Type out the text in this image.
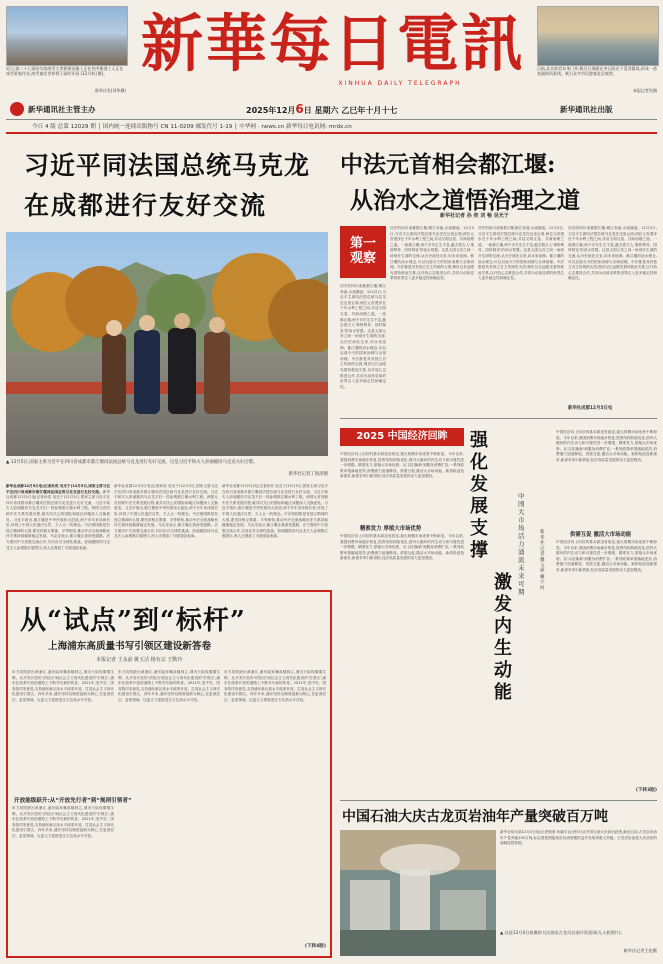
近日,第二十七届哈尔滨冰雪大世界建设施工正在有序推进工人正在冰雪景观作业,冰雪童话世界将于届时开园 (12月4日摄)。
新华社发(刘华摄)
目前,北京故宫东华门外,数百只海鸥在冬日阳光下觅食嬉戏,形成一道亮丽的风景线。吸引众多市民游客驻足观赏。
本报记者发摄
新華每日電訊
XINHUA DAILY TELEGRAPH
新华通讯社主管主办	2025年12月6日 星期六 乙巳年十月十七	新华通讯社出版
今日 4 版 总第 12029 期 │ 国内统一连续出版物号 CN 11-0209 邮发代号 1-19 │ 中华网 · news.cn 新华每日电讯网: mrdx.cn
习近平同法国总统马克龙
在成都进行友好交流
▲ 12月5日,国家主席习近平在四川省成都市都江堰同法国总统马克龙进行友好交流。这是习近平和夫人彭丽媛同马克龙夫妇合影。
新华社记者丁海涛摄
新华社成都12月5日电(记者孙奕 吴光于)12月5日,国家主席习近平在四川省成都市都江堰同法国总统马克龙进行友好交流。新华社成都12月5日电(记者孙奕 吴光于)12月5日,国家主席习近平在四川省成都市都江堰同法国总统马克龙进行友好交流。习近平和夫人彭丽媛同马克龙夫妇一同参观都江堰水利工程。两国元首回顾中法关系发展历程,就共同关心的国际和地区问题深入交换意见。习近平指出,都江堰是中华民族伟大创造,两千多年来泽被后世,体现了中国人民道法自然、天人合一的理念。中法两国都是有独立精神的大国,要坚持相互尊重、平等相待,推动中法全面战略伙伴关系持续健康稳定发展。马克龙表示,都江堰让我深受震撼。法方愿同中方加强交流合作,共同应对全球性挑战。彭丽媛陪同马克龙夫人参观都江堰景区,两人还观看了川剧变脸表演。
新华社成都12月5日电(记者孙奕 吴光于)12月5日,国家主席习近平在四川省成都市都江堰同法国总统马克龙进行友好交流。习近平和夫人彭丽媛同马克龙夫妇一同参观都江堰水利工程。两国元首回顾中法关系发展历程,就共同关心的国际和地区问题深入交换意见。习近平指出,都江堰是中华民族伟大创造,两千多年来泽被后世,体现了中国人民道法自然、天人合一的理念。中法两国都是有独立精神的大国,要坚持相互尊重、平等相待,推动中法全面战略伙伴关系持续健康稳定发展。马克龙表示,都江堰让我深受震撼。法方愿同中方加强交流合作,共同应对全球性挑战。彭丽媛陪同马克龙夫人参观都江堰景区,两人还观看了川剧变脸表演。
新华社成都12月5日电(记者孙奕 吴光于)12月5日,国家主席习近平在四川省成都市都江堰同法国总统马克龙进行友好交流。习近平和夫人彭丽媛同马克龙夫妇一同参观都江堰水利工程。两国元首回顾中法关系发展历程,就共同关心的国际和地区问题深入交换意见。习近平指出,都江堰是中华民族伟大创造,两千多年来泽被后世,体现了中国人民道法自然、天人合一的理念。中法两国都是有独立精神的大国,要坚持相互尊重、平等相待,推动中法全面战略伙伴关系持续健康稳定发展。马克龙表示,都江堰让我深受震撼。法方愿同中方加强交流合作,共同应对全球性挑战。彭丽媛陪同马克龙夫人参观都江堰景区,两人还观看了川剧变脸表演。
中法元首相会都江堰:
从治水之道悟治理之道
新华社记者 孙 奕 刘 畅 吴光于
第一观察
初冬的四川成都都江堰,岷江奔流,水流潺湲。12月5日,习近平主席同法国总统马克龙在这里会面,两位元首漫步在千年水利工程之间,共话文明互鉴、共商治理之道。一座都江堰,两千多年生生不息,蕴含着古人'乘势利导、因时制宜'的治水智慧。这是大国元首之间一场别开生面的交流,从历史深处走来,向未来延伸。都江堰的治水理念,可以启迪今天的国家治理与全球治理。中法都是具有独立自主传统的大国,理应以长远眼光看待彼此关系,以开放心态推进合作,共同为动荡变革的世界注入更多稳定性和确定性。
初冬的四川成都都江堰,岷江奔流,水流潺湲。12月5日,习近平主席同法国总统马克龙在这里会面,两位元首漫步在千年水利工程之间,共话文明互鉴、共商治理之道。一座都江堰,两千多年生生不息,蕴含着古人'乘势利导、因时制宜'的治水智慧。这是大国元首之间一场别开生面的交流,从历史深处走来,向未来延伸。都江堰的治水理念,可以启迪今天的国家治理与全球治理。中法都是具有独立自主传统的大国,理应以长远眼光看待彼此关系,以开放心态推进合作,共同为动荡变革的世界注入更多稳定性和确定性。
初冬的四川成都都江堰,岷江奔流,水流潺湲。12月5日,习近平主席同法国总统马克龙在这里会面,两位元首漫步在千年水利工程之间,共话文明互鉴、共商治理之道。一座都江堰,两千多年生生不息,蕴含着古人'乘势利导、因时制宜'的治水智慧。这是大国元首之间一场别开生面的交流,从历史深处走来,向未来延伸。都江堰的治水理念,可以启迪今天的国家治理与全球治理。中法都是具有独立自主传统的大国,理应以长远眼光看待彼此关系,以开放心态推进合作,共同为动荡变革的世界注入更多稳定性和确定性。
初冬的四川成都都江堰,岷江奔流,水流潺湲。12月5日,习近平主席同法国总统马克龙在这里会面,两位元首漫步在千年水利工程之间,共话文明互鉴、共商治理之道。一座都江堰,两千多年生生不息,蕴含着古人'乘势利导、因时制宜'的治水智慧。这是大国元首之间一场别开生面的交流,从历史深处走来,向未来延伸。都江堰的治水理念,可以启迪今天的国家治理与全球治理。中法都是具有独立自主传统的大国,理应以长远眼光看待彼此关系,以开放心态推进合作,共同为动荡变革的世界注入更多稳定性和确定性。
新华社成都12月5日电
2025 中国经济回眸
中国经济向上向好的基本面没有改变,超大规模市场优势不断彰显。今年以来,我国消费市场稳步恢复,投资结构持续优化,国内大循环的内生动力和可靠性进一步增强。精准发力,厚植大市场优势。从'以旧换新'到服务消费扩容,一系列政策举措落地见效,消费潜力加速释放。供需互促,激活大市场动能。新供给创造新需求,新需求牵引新供给,经济高质量发展的动力更加强劲。
精准发力 厚植大市场优势
中国经济向上向好的基本面没有改变,超大规模市场优势不断彰显。今年以来,我国消费市场稳步恢复,投资结构持续优化,国内大循环的内生动力和可靠性进一步增强。精准发力,厚植大市场优势。从'以旧换新'到服务消费扩容,一系列政策举措落地见效,消费潜力加速释放。供需互促,激活大市场动能。新供给创造新需求,新需求牵引新供给,经济高质量发展的动力更加强劲。
强化发展支撑
激发内生动能
中国大市场活力涌流未来可期
新华社记者 魏玉坤 戴小河
中国经济向上向好的基本面没有改变,超大规模市场优势不断彰显。今年以来,我国消费市场稳步恢复,投资结构持续优化,国内大循环的内生动力和可靠性进一步增强。精准发力,厚植大市场优势。从'以旧换新'到服务消费扩容,一系列政策举措落地见效,消费潜力加速释放。供需互促,激活大市场动能。新供给创造新需求,新需求牵引新供给,经济高质量发展的动力更加强劲。
供需互促 激活大市场动能
中国经济向上向好的基本面没有改变,超大规模市场优势不断彰显。今年以来,我国消费市场稳步恢复,投资结构持续优化,国内大循环的内生动力和可靠性进一步增强。精准发力,厚植大市场优势。从'以旧换新'到服务消费扩容,一系列政策举措落地见效,消费潜力加速释放。供需互促,激活大市场动能。新供给创造新需求,新需求牵引新供给,经济高质量发展的动力更加强劲。
(下转3版)
从“试点”到“标杆”
上海浦东高质量书写引领区建设新答卷
本报记者 王永前 姚玉洁 杨有宗 王默玲
东方初阳跃出黄浦江,浦东陆家嘴高楼林立,城市天际线熠熠生辉。从开发开放的'试验田'到社会主义现代化建设的'引领区',浦东在改革开放的道路上不断书写新的传奇。2021年,党中央、国务院印发意见,支持浦东新区高水平改革开放、打造社会主义现代化建设引领区。四年多来,浦东坚持以制度创新为核心,在更深层次、更宽领域、以更大力度推进全方位高水平开放。
开放能级跃升:从“开放先行者”到“规则引领者”
东方初阳跃出黄浦江,浦东陆家嘴高楼林立,城市天际线熠熠生辉。从开发开放的'试验田'到社会主义现代化建设的'引领区',浦东在改革开放的道路上不断书写新的传奇。2021年,党中央、国务院印发意见,支持浦东新区高水平改革开放、打造社会主义现代化建设引领区。四年多来,浦东坚持以制度创新为核心,在更深层次、更宽领域、以更大力度推进全方位高水平开放。
东方初阳跃出黄浦江,浦东陆家嘴高楼林立,城市天际线熠熠生辉。从开发开放的'试验田'到社会主义现代化建设的'引领区',浦东在改革开放的道路上不断书写新的传奇。2021年,党中央、国务院印发意见,支持浦东新区高水平改革开放、打造社会主义现代化建设引领区。四年多来,浦东坚持以制度创新为核心,在更深层次、更宽领域、以更大力度推进全方位高水平开放。
东方初阳跃出黄浦江,浦东陆家嘴高楼林立,城市天际线熠熠生辉。从开发开放的'试验田'到社会主义现代化建设的'引领区',浦东在改革开放的道路上不断书写新的传奇。2021年,党中央、国务院印发意见,支持浦东新区高水平改革开放、打造社会主义现代化建设引领区。四年多来,浦东坚持以制度创新为核心,在更深层次、更宽领域、以更大力度推进全方位高水平开放。
(下转4版)
中国石油大庆古龙页岩油年产量突破百万吨
新华社哈尔滨12月5日电(记者强勇 孙晓宇)记者5日从中国石油大庆油田获悉,截至目前,古龙页岩油年产量突破100万吨,标志着我国陆相页岩油规模效益开发取得重大突破。古龙页岩油是大庆油田的战略接替资源。
▲ 这是12月4日拍摄的大庆油田古龙页岩油开发现场(无人机照片)。
新华社记者王松摄
